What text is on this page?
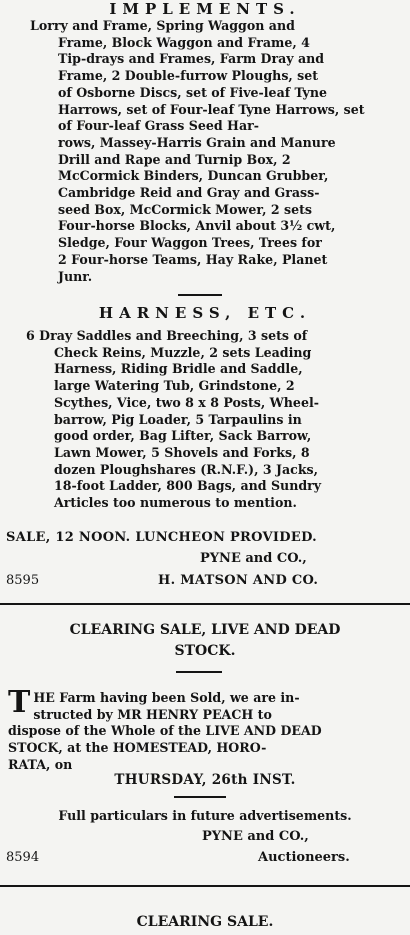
IMPLEMENTS.
Lorry and Frame, Spring Waggon and
Frame, Block Waggon and Frame, 4
Tip-drays and Frames, Farm Dray and
Frame, 2 Double-furrow Ploughs, set
of Osborne Discs, set of Five-leaf Tyne
Harrows, set of Four-leaf Tyne Harrows, set of Four-leaf Grass Seed Har-
rows, Massey-Harris Grain and Manure
Drill and Rape and Turnip Box, 2
McCormick Binders, Duncan Grubber,
Cambridge Reid and Gray and Grass-
seed Box, McCormick Mower, 2 sets
Four-horse Blocks, Anvil about 3½ cwt,
Sledge, Four Waggon Trees, Trees for
2 Four-horse Teams, Hay Rake, Planet
Junr.
HARNESS, ETC.
6 Dray Saddles and Breeching, 3 sets of
Check Reins, Muzzle, 2 sets Leading
Harness, Riding Bridle and Saddle,
large Watering Tub, Grindstone, 2
Scythes, Vice, two 8 x 8 Posts, Wheel-
barrow, Pig Loader, 5 Tarpaulins in
good order, Bag Lifter, Sack Barrow,
Lawn Mower, 5 Shovels and Forks, 8
dozen Ploughshares (R.N.F.), 3 Jacks,
18-foot Ladder, 800 Bags, and Sundry
Articles too numerous to mention.
SALE, 12 NOON. LUNCHEON PROVIDED.
PYNE and CO.,
8595	H. MATSON AND CO.
CLEARING SALE, LIVE AND DEAD
STOCK.
T HE Farm having been Sold, we are in-
structed by MR HENRY PEACH to
dispose of the Whole of the LIVE AND DEAD
STOCK, at the HOMESTEAD, HORO-
RATA, on
THURSDAY, 26th INST.
Full particulars in future advertisements.
PYNE and CO.,
8594	Auctioneers.
CLEARING SALE.
